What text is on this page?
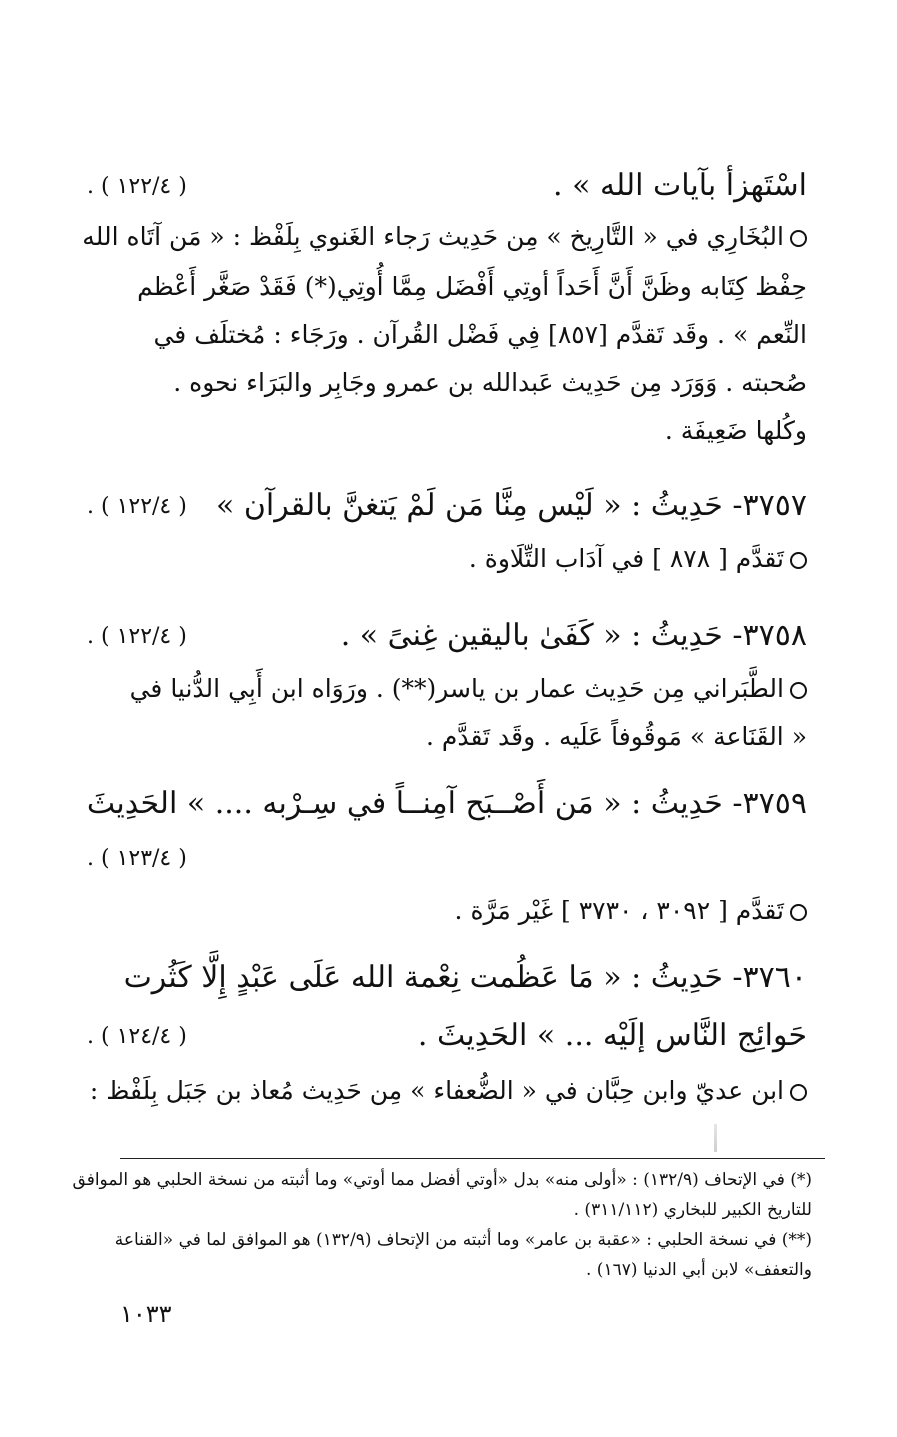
اسْتَهزأ بآيات الله » .
( ١٢٢/٤ ) .
البُخَارِي في « التَّارِيخ » مِن حَدِيث رَجاء الغَنوي بِلَفْظ : « مَن آتَاه الله
حِفْظ كِتَابه وظَنَّ أَنَّ أَحَداً أوتِي أَفْضَل مِمَّا أُوتِي(*) فَقَدْ صَغَّر أَعْظم
النِّعم » . وقَد تَقدَّم [٨٥٧] فِي فَضْل القُرآن . ورَجَاء : مُختلَف في
صُحبته . وَوَرَد مِن حَدِيث عَبدالله بن عمرو وجَابِر والبَرَاء نحوه .
وكُلها ضَعِيفَة .
٣٧٥٧- حَدِيثُ : « لَيْس مِنَّا مَن لَمْ يَتغنَّ بالقرآن »
( ١٢٢/٤ ) .
تَقدَّم [ ٨٧٨ ] في آدَاب التِّلَاوة .
٣٧٥٨- حَدِيثُ : « كَفَىٰ باليقين غِنىً » .
( ١٢٢/٤ ) .
الطَّبَراني مِن حَدِيث عمار بن ياسر(**) . ورَوَاه ابن أَبِي الدُّنيا في
« القَنَاعة » مَوقُوفاً عَلَيه . وقَد تَقدَّم .
٣٧٥٩- حَدِيثُ : « مَن أَصْــبَح آمِنــاً في سِـرْبه .... » الحَدِيثَ
( ١٢٣/٤ ) .
تَقدَّم [ ٣٠٩٢ ، ٣٧٣٠ ] غَيْر مَرَّة .
٣٧٦٠- حَدِيثُ : « مَا عَظُمت نِعْمة الله عَلَى عَبْدٍ إِلَّا كَثُرت
حَوائِج النَّاس إلَيْه ... » الحَدِيثَ .
( ١٢٤/٤ ) .
ابن عديّ وابن حِبَّان في « الضُّعفاء » مِن حَدِيث مُعاذ بن جَبَل بِلَفْظ :
(*) في الإتحاف (١٣٢/٩) : «أولى منه» بدل «أوتي أفضل مما أوتي» وما أثبته من نسخة الحلبي هو الموافق
للتاريخ الكبير للبخاري (٣١١/١١٢) .
(**) في نسخة الحلبي : «عقبة بن عامر» وما أثبته من الإتحاف (١٣٢/٩) هو الموافق لما في «القناعة
والتعفف» لابن أبي الدنيا (١٦٧) .
١٠٣٣
